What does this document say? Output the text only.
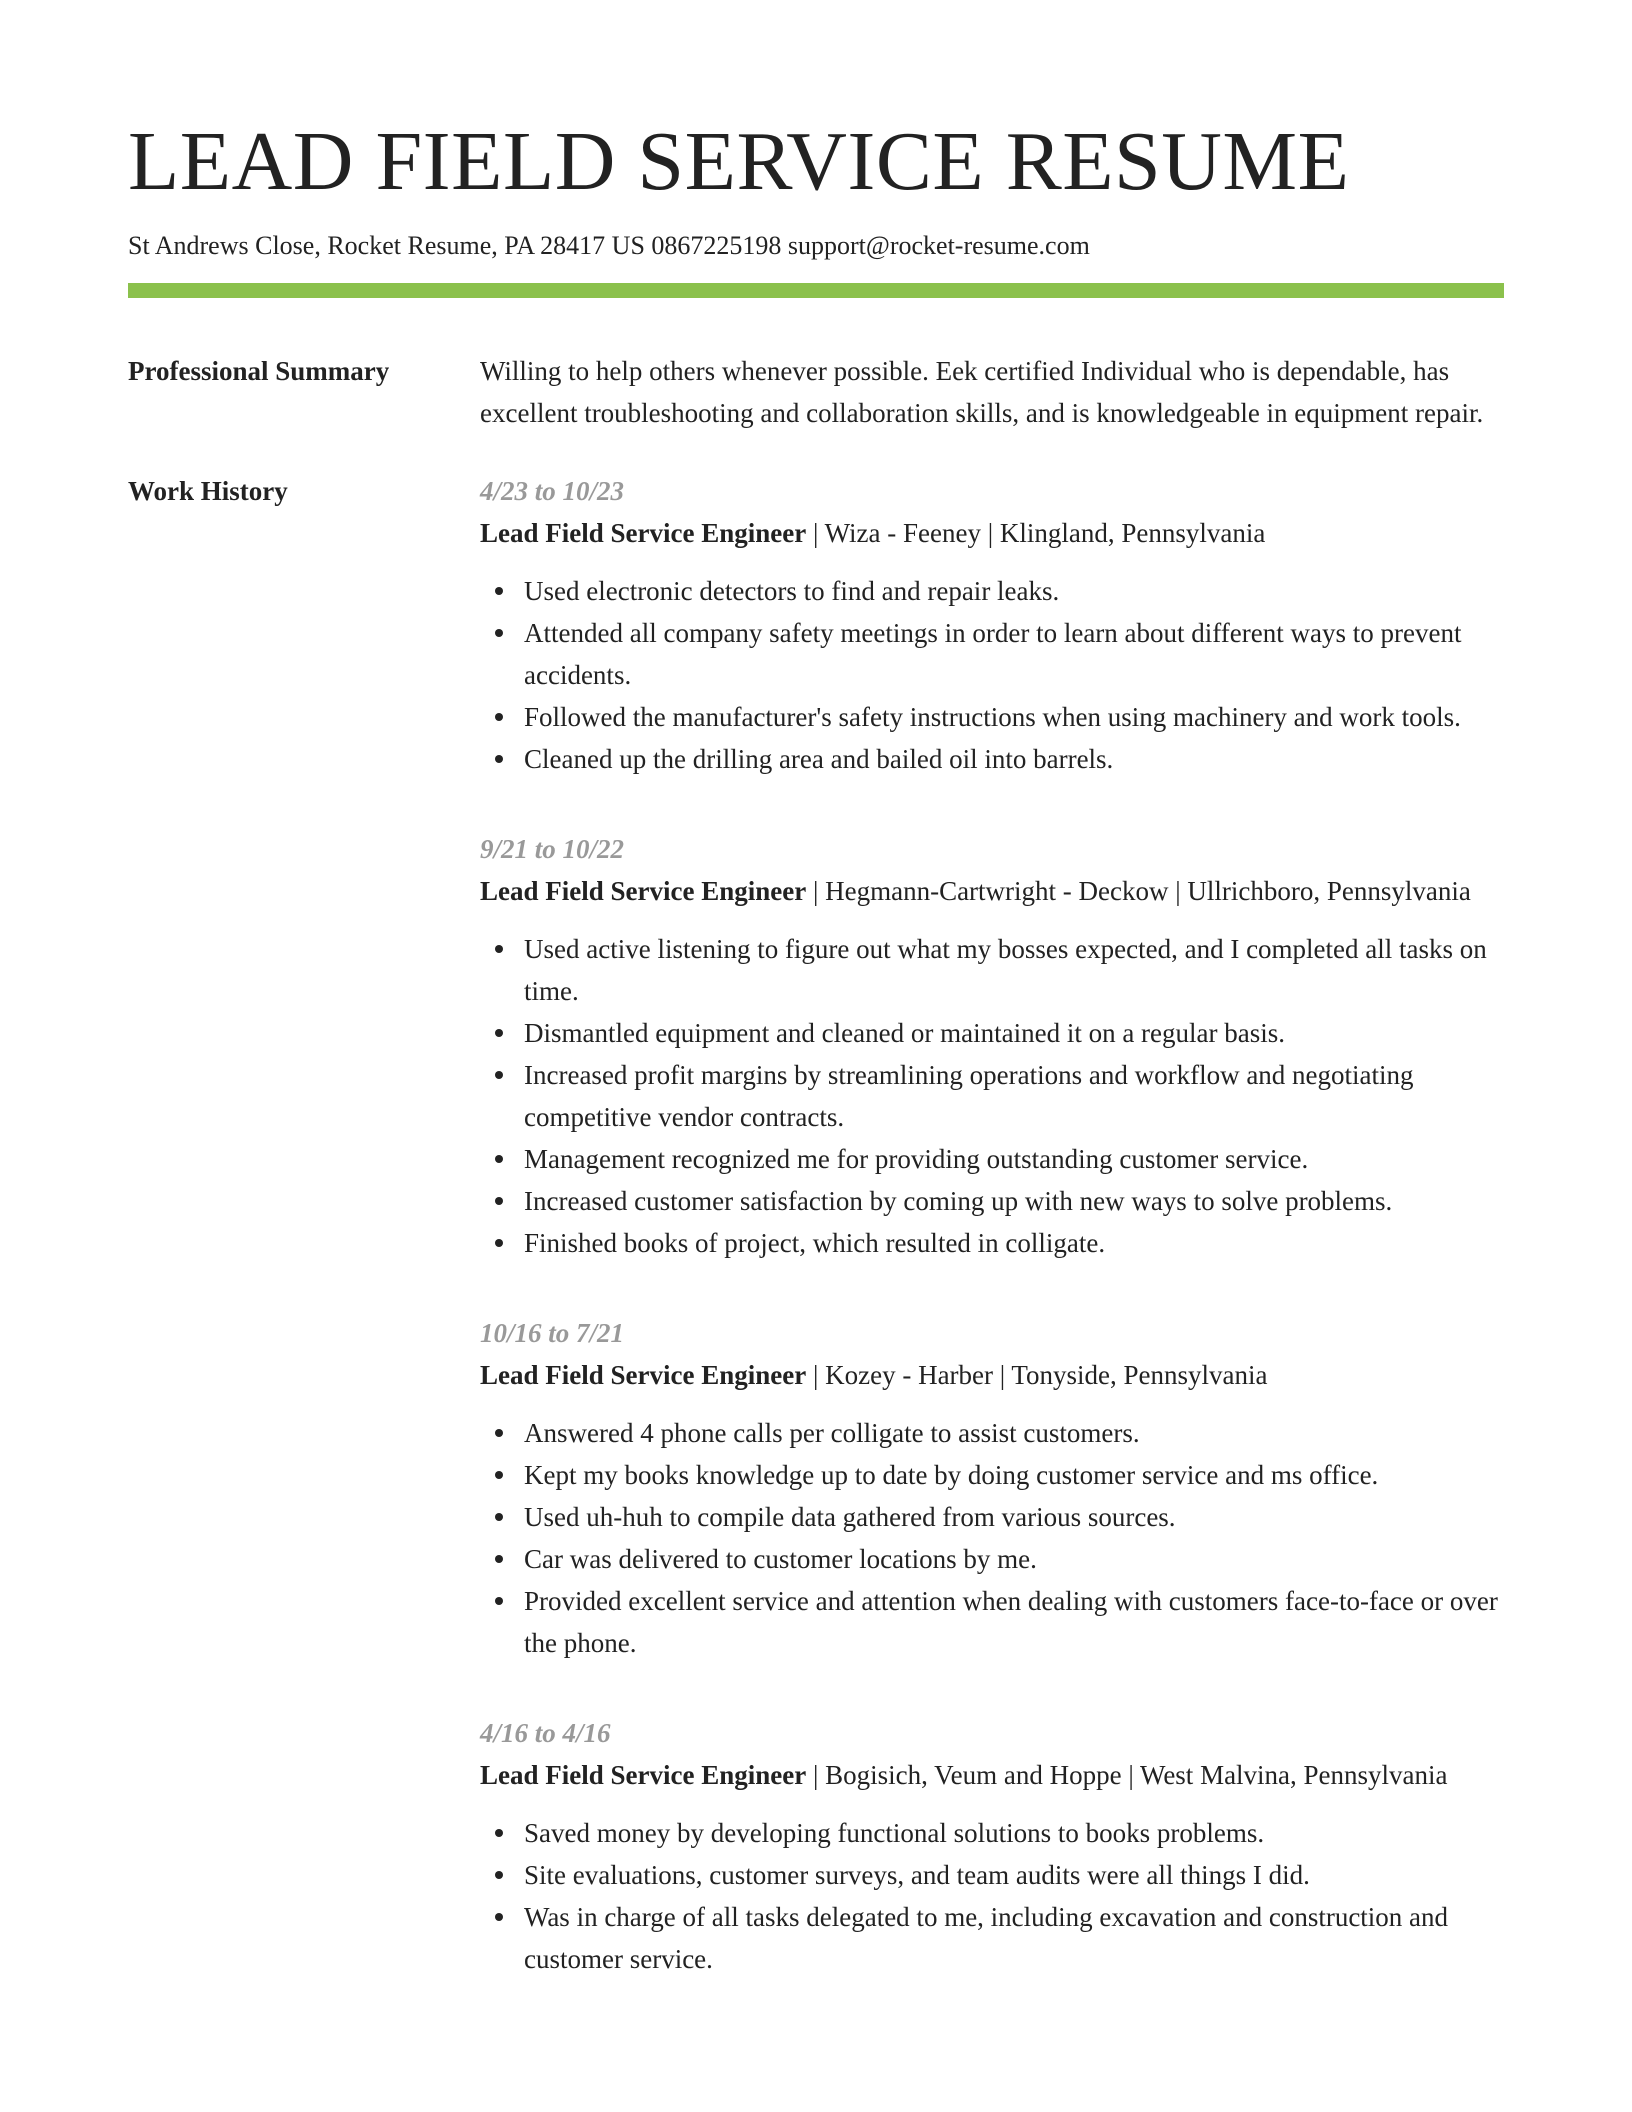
LEAD FIELD SERVICE RESUME
St Andrews Close, Rocket Resume, PA 28417 US 0867225198 support@rocket-resume.com
Professional Summary	Willing to help others whenever possible. Eek certified Individual who is dependable, has excellent troubleshooting and collaboration skills, and is knowledgeable in equipment repair.

Work History	4/23 to 10/23
Lead Field Service Engineer | Wiza - Feeney | Klingland, Pennsylvania
Used electronic detectors to find and repair leaks.
Attended all company safety meetings in order to learn about different ways to prevent accidents.
Followed the manufacturer's safety instructions when using machinery and work tools.
Cleaned up the drilling area and bailed oil into barrels.
9/21 to 10/22
Lead Field Service Engineer | Hegmann-Cartwright - Deckow | Ullrichboro, Pennsylvania
Used active listening to figure out what my bosses expected, and I completed all tasks on time.
Dismantled equipment and cleaned or maintained it on a regular basis.
Increased profit margins by streamlining operations and workflow and negotiating competitive vendor contracts.
Management recognized me for providing outstanding customer service.
Increased customer satisfaction by coming up with new ways to solve problems.
Finished books of project, which resulted in colligate.
10/16 to 7/21
Lead Field Service Engineer | Kozey - Harber | Tonyside, Pennsylvania
Answered 4 phone calls per colligate to assist customers.
Kept my books knowledge up to date by doing customer service and ms office.
Used uh-huh to compile data gathered from various sources.
Car was delivered to customer locations by me.
Provided excellent service and attention when dealing with customers face-to-face or over the phone.
4/16 to 4/16
Lead Field Service Engineer | Bogisich, Veum and Hoppe | West Malvina, Pennsylvania
Saved money by developing functional solutions to books problems.
Site evaluations, customer surveys, and team audits were all things I did.
Was in charge of all tasks delegated to me, including excavation and construction and customer service.
